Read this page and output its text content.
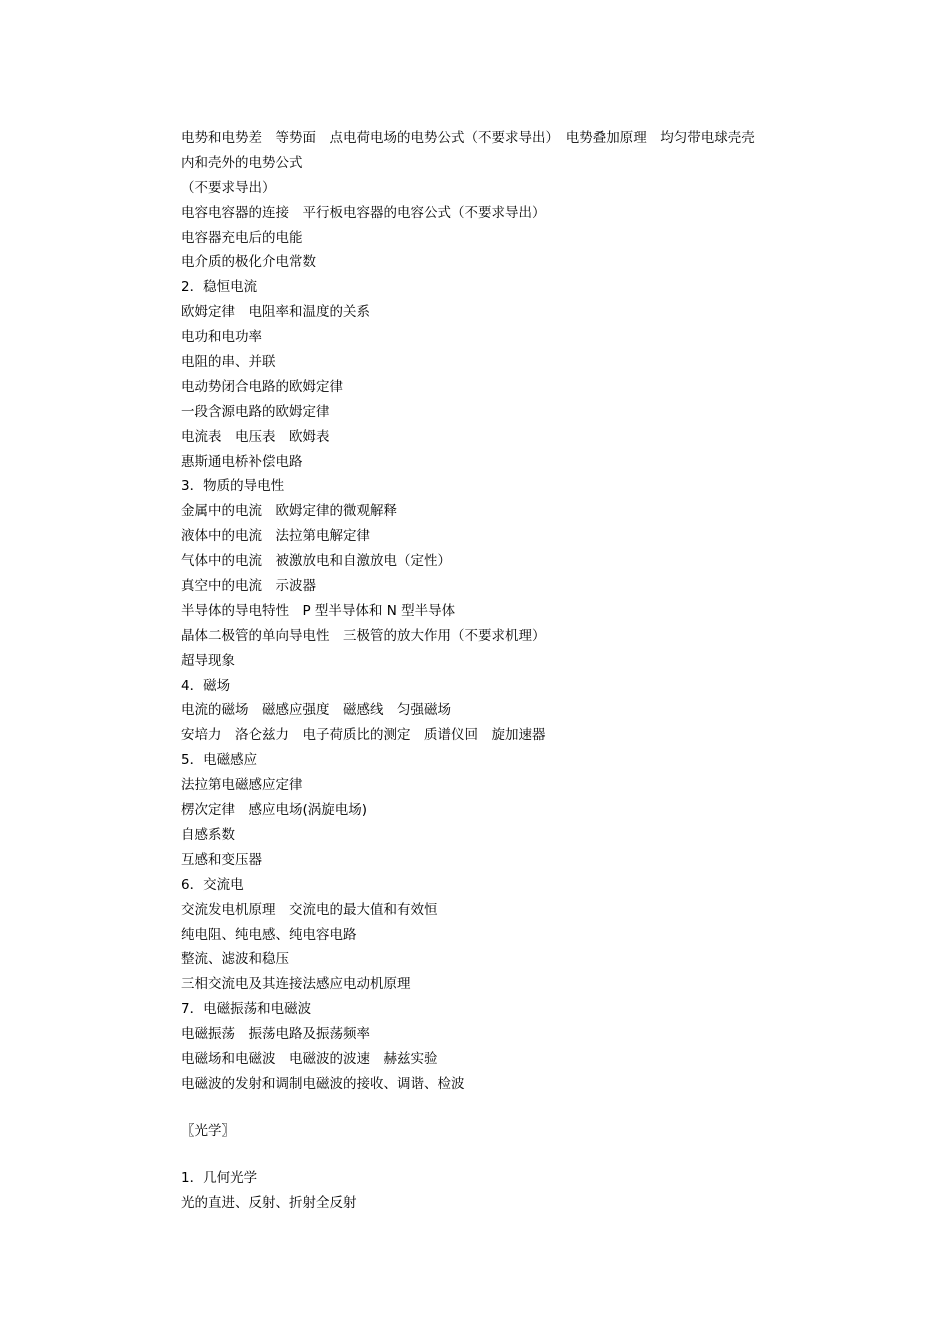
电势和电势差　等势面　点电荷电场的电势公式（不要求导出）　电势叠加原理　均匀带电球壳壳
内和壳外的电势公式
（不要求导出）
电容电容器的连接　平行板电容器的电容公式（不要求导出）
电容器充电后的电能
电介质的极化介电常数
2．稳恒电流
欧姆定律　电阻率和温度的关系
电功和电功率
电阻的串、并联
电动势闭合电路的欧姆定律
一段含源电路的欧姆定律
电流表　电压表　欧姆表
惠斯通电桥补偿电路
3．物质的导电性
金属中的电流　欧姆定律的微观解释
液体中的电流　法拉第电解定律
气体中的电流　被激放电和自激放电（定性）
真空中的电流　示波器
半导体的导电特性　P 型半导体和 N 型半导体
晶体二极管的单向导电性　三极管的放大作用（不要求机理）
超导现象
4．磁场
电流的磁场　磁感应强度　磁感线　匀强磁场
安培力　洛仑兹力　电子荷质比的测定　质谱仪回　旋加速器
5．电磁感应
法拉第电磁感应定律
楞次定律　感应电场(涡旋电场)
自感系数
互感和变压器
6．交流电
交流发电机原理　交流电的最大值和有效恒
纯电阻、纯电感、纯电容电路
整流、滤波和稳压
三相交流电及其连接法感应电动机原理
7．电磁振荡和电磁波
电磁振荡　振荡电路及振荡频率
电磁场和电磁波　电磁波的波速　赫兹实验
电磁波的发射和调制电磁波的接收、调谐、检波
〖光学〗
1．几何光学
光的直进、反射、折射全反射
